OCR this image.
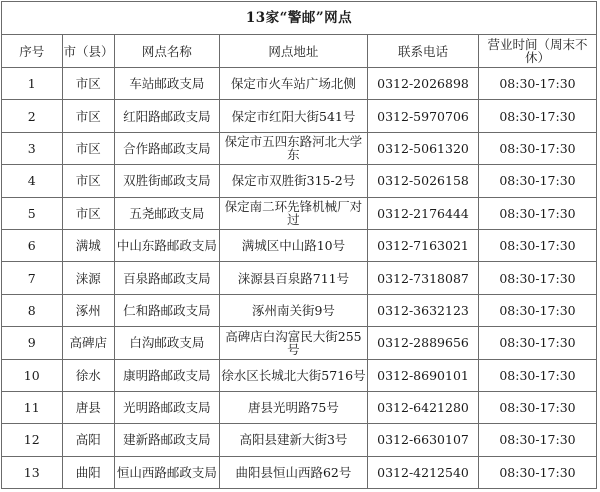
13家“警邮”网点					
序号	市（县）	网点名称	网点地址	联系电话	营业时间（周末不休）
1	市区	车站邮政支局	保定市火车站广场北侧	0312-2026898	08:30-17:30
2	市区	红阳路邮政支局	保定市红阳大街541号	0312-5970706	08:30-17:30
3	市区	合作路邮政支局	保定市五四东路河北大学东	0312-5061320	08:30-17:30
4	市区	双胜街邮政支局	保定市双胜街315-2号	0312-5026158	08:30-17:30
5	市区	五尧邮政支局	保定南二环先锋机械厂对过	0312-2176444	08:30-17:30
6	满城	中山东路邮政支局	满城区中山路10号	0312-7163021	08:30-17:30
7	涞源	百泉路邮政支局	涞源县百泉路711号	0312-7318087	08:30-17:30
8	涿州	仁和路邮政支局	涿州南关街9号	0312-3632123	08:30-17:30
9	高碑店	白沟邮政支局	高碑店白沟富民大街255号	0312-2889656	08:30-17:30
10	徐水	康明路邮政支局	徐水区长城北大街5716号	0312-8690101	08:30-17:30
11	唐县	光明路邮政支局	唐县光明路75号	0312-6421280	08:30-17:30
12	高阳	建新路邮政支局	高阳县建新大街3号	0312-6630107	08:30-17:30
13	曲阳	恒山西路邮政支局	曲阳县恒山西路62号	0312-4212540	08:30-17:30
